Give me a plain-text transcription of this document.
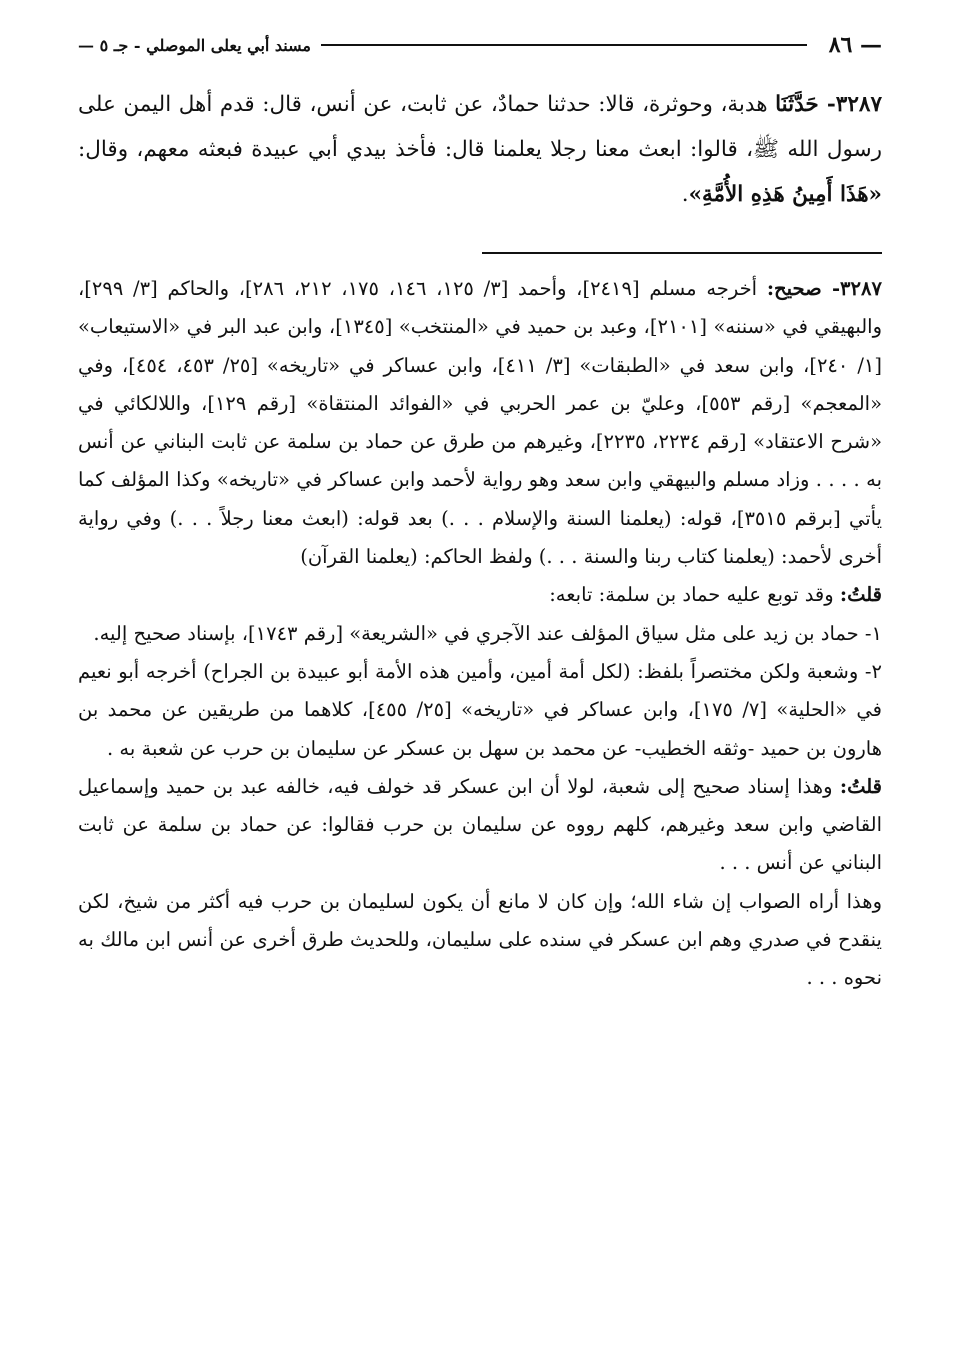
— ٨٦
مسند أبي يعلى الموصلي - جـ ٥ —
٣٢٨٧- حَدَّثَنَا هدبة، وحوثرة، قالا: حدثنا حمادٌ، عن ثابت، عن أنس، قال: قدم أهل اليمن على رسول الله ﷺ، قالوا: ابعث معنا رجلا يعلمنا قال: فأخذ بيدي أبي عبيدة فبعثه معهم، وقال: «هَذَا أَمِينُ هَذِهِ الأُمَّةِ».

٣٢٨٧- صحيح: أخرجه مسلم [٢٤١٩]، وأحمد [٣/ ١٢٥، ١٤٦، ١٧٥، ٢١٢، ٢٨٦]، والحاكم [٣/ ٢٩٩]، والبهيقي في «سننه» [٢١٠١]، وعبد بن حميد في «المنتخب» [١٣٤٥]، وابن عبد البر في «الاستيعاب» [١/ ٢٤٠]، وابن سعد في «الطبقات» [٣/ ٤١١]، وابن عساكر في «تاريخه» [٢٥/ ٤٥٣، ٤٥٤]، وفي «المعجم» [رقم ٥٥٣]، وعليّ بن عمر الحربي في «الفوائد المنتقاة» [رقم ١٢٩]، واللالكائي في «شرح الاعتقاد» [رقم ٢٢٣٤، ٢٢٣٥]، وغيرهم من طرق عن حماد بن سلمة عن ثابت البناني عن أنس به . . . . وزاد مسلم والبيهقي وابن سعد وهو رواية لأحمد وابن عساكر في «تاريخه» وكذا المؤلف كما يأتي [برقم ٣٥١٥]، قوله: (يعلمنا السنة والإسلام . . .) بعد قوله: (ابعث معنا رجلاً . . .) وفي رواية أخرى لأحمد: (يعلمنا كتاب ربنا والسنة . . .) ولفظ الحاكم: (يعلمنا القرآن)

قلتُ: وقد توبع عليه حماد بن سلمة: تابعه:

١- حماد بن زيد على مثل سياق المؤلف عند الآجري في «الشريعة» [رقم ١٧٤٣]، بإسناد صحيح إليه.

٢- وشعبة ولكن مختصراً بلفظ: (لكل أمة أمين، وأمين هذه الأمة أبو عبيدة بن الجراح) أخرجه أبو نعيم في «الحلية» [٧/ ١٧٥]، وابن عساكر في «تاريخه» [٢٥/ ٤٥٥]، كلاهما من طريقين عن محمد بن هارون بن حميد -وثقه الخطيب- عن محمد بن سهل بن عسكر عن سليمان بن حرب عن شعبة به .

قلتُ: وهذا إسناد صحيح إلى شعبة، لولا أن ابن عسكر قد خولف فيه، خالفه عبد بن حميد وإسماعيل القاضي وابن سعد وغيرهم، كلهم رووه عن سليمان بن حرب فقالوا: عن حماد بن سلمة عن ثابت البناني عن أنس . . .

وهذا أراه الصواب إن شاء الله؛ وإن كان لا مانع أن يكون لسليمان بن حرب فيه أكثر من شيخ، لكن ينقدح في صدري وهم ابن عسكر في سنده على سليمان، وللحديث طرق أخرى عن أنس ابن مالك به نحوه . . .
